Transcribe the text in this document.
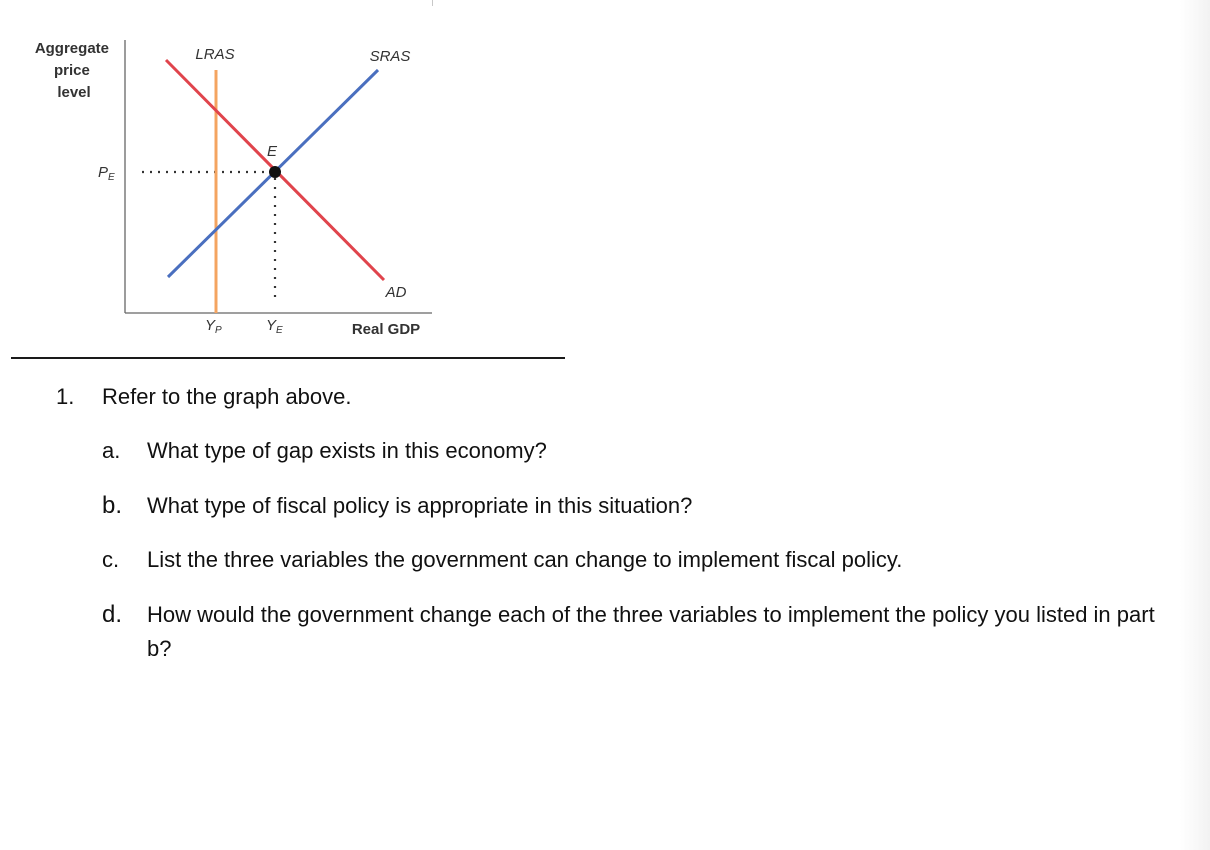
Aggregate price level
Real GDP
E
LRAS	SRAS
AD
PE
YP	YE
1. Refer to the graph above.
a. What type of gap exists in this economy?
b. What type of fiscal policy is appropriate in this situation?
c. List the three variables the government can change to implement fiscal policy.
d. How would the government change each of the three variables to implement the policy you listed in part b?
